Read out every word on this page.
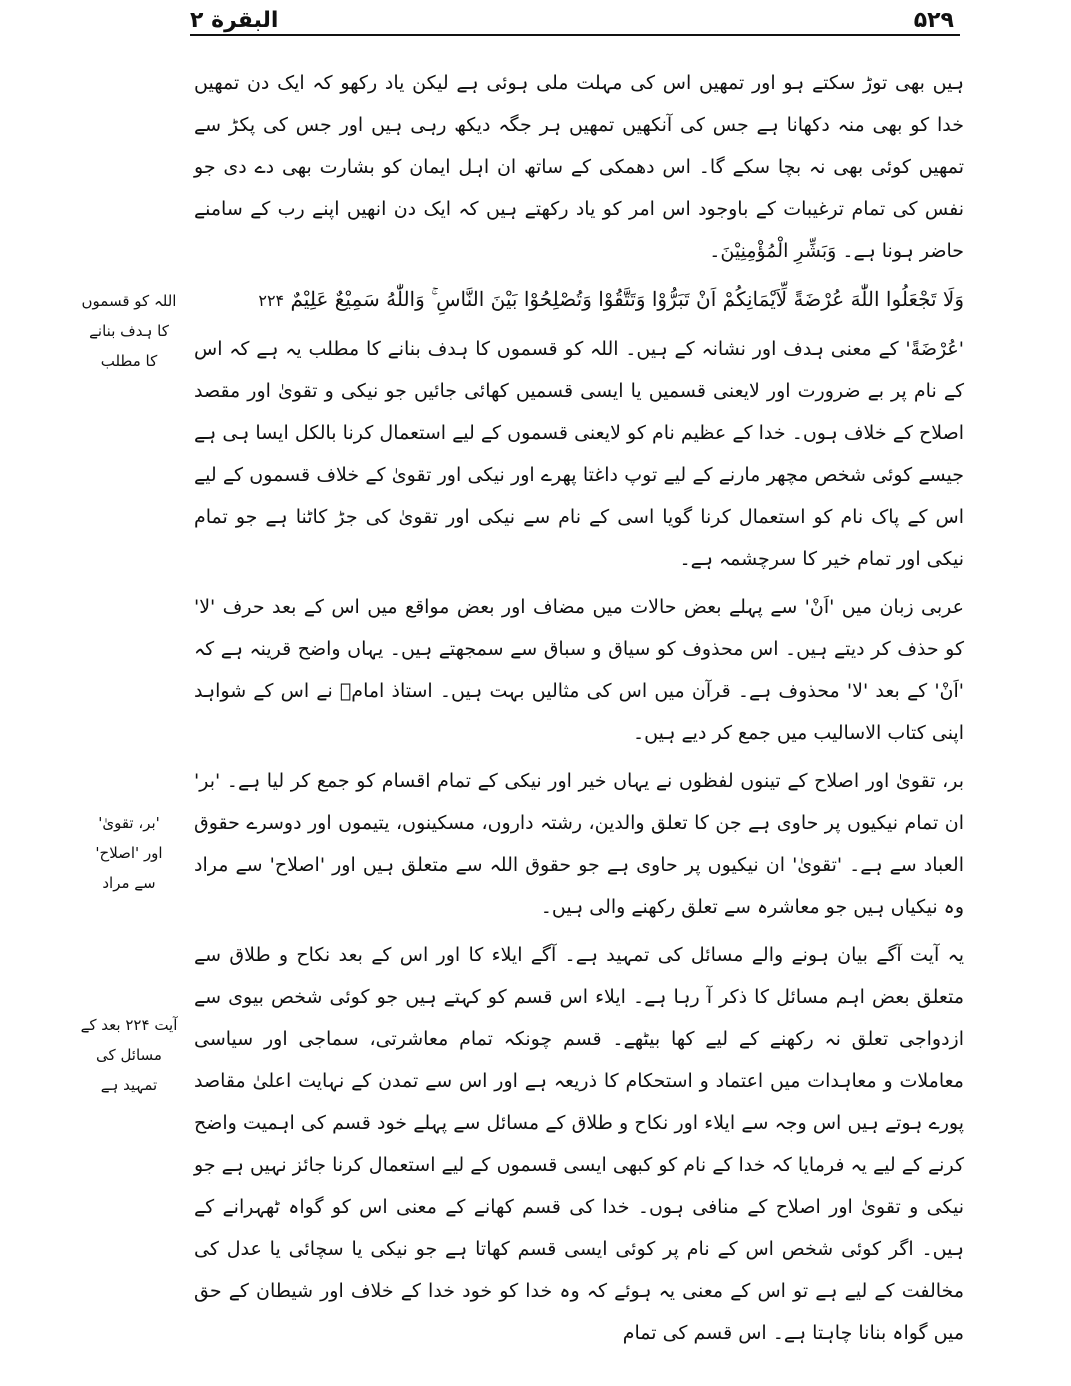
۵۲۹
البقرة ۲

ہیں بھی توڑ سکتے ہو اور تمھیں اس کی مہلت ملی ہوئی ہے لیکن یاد رکھو کہ ایک دن تمھیں خدا کو بھی منہ دکھانا ہے جس کی آنکھیں تمھیں ہر جگہ دیکھ رہی ہیں اور جس کی پکڑ سے تمھیں کوئی بھی نہ بچا سکے گا۔ اس دھمکی کے ساتھ ان اہل ایمان کو بشارت بھی دے دی جو نفس کی تمام ترغیبات کے باوجود اس امر کو یاد رکھتے ہیں کہ ایک دن انھیں اپنے رب کے سامنے حاضر ہونا ہے۔ وَبَشِّرِ الْمُؤْمِنِيْنَ۔

وَلَا تَجْعَلُوا اللّٰهَ عُرْضَةً لِّاَيْمَانِكُمْ اَنْ تَبَرُّوْا وَتَتَّقُوْا وَتُصْلِحُوْا بَيْنَ النَّاسِ ۚ وَاللّٰهُ سَمِيْعٌ عَلِيْمٌ ۲۲۴

'عُرْضَةً' کے معنی ہدف اور نشانہ کے ہیں۔ اللہ کو قسموں کا ہدف بنانے کا مطلب یہ ہے کہ اس کے نام پر بے ضرورت اور لایعنی قسمیں یا ایسی قسمیں کھائی جائیں جو نیکی و تقویٰ اور مقصد اصلاح کے خلاف ہوں۔ خدا کے عظیم نام کو لایعنی قسموں کے لیے استعمال کرنا بالکل ایسا ہی ہے جیسے کوئی شخص مچھر مارنے کے لیے توپ داغتا پھرے اور نیکی اور تقویٰ کے خلاف قسموں کے لیے اس کے پاک نام کو استعمال کرنا گویا اسی کے نام سے نیکی اور تقویٰ کی جڑ کاٹنا ہے جو تمام نیکی اور تمام خیر کا سرچشمہ ہے۔

عربی زبان میں 'اَنْ' سے پہلے بعض حالات میں مضاف اور بعض مواقع میں اس کے بعد حرف 'لا' کو حذف کر دیتے ہیں۔ اس محذوف کو سیاق و سباق سے سمجھتے ہیں۔ یہاں واضح قرینہ ہے کہ 'اَنْ' کے بعد 'لا' محذوف ہے۔ قرآن میں اس کی مثالیں بہت ہیں۔ استاذ امامؒ نے اس کے شواہد اپنی کتاب الاسالیب میں جمع کر دیے ہیں۔

بر، تقویٰ اور اصلاح کے تینوں لفظوں نے یہاں خیر اور نیکی کے تمام اقسام کو جمع کر لیا ہے۔ 'بر' ان تمام نیکیوں پر حاوی ہے جن کا تعلق والدین، رشتہ داروں، مسکینوں، یتیموں اور دوسرے حقوق العباد سے ہے۔ 'تقویٰ' ان نیکیوں پر حاوی ہے جو حقوق اللہ سے متعلق ہیں اور 'اصلاح' سے مراد وہ نیکیاں ہیں جو معاشرہ سے تعلق رکھنے والی ہیں۔

یہ آیت آگے بیان ہونے والے مسائل کی تمہید ہے۔ آگے ایلاء کا اور اس کے بعد نکاح و طلاق سے متعلق بعض اہم مسائل کا ذکر آ رہا ہے۔ ایلاء اس قسم کو کہتے ہیں جو کوئی شخص بیوی سے ازدواجی تعلق نہ رکھنے کے لیے کھا بیٹھے۔ قسم چونکہ تمام معاشرتی، سماجی اور سیاسی معاملات و معاہدات میں اعتماد و استحکام کا ذریعہ ہے اور اس سے تمدن کے نہایت اعلیٰ مقاصد پورے ہوتے ہیں اس وجہ سے ایلاء اور نکاح و طلاق کے مسائل سے پہلے خود قسم کی اہمیت واضح کرنے کے لیے یہ فرمایا کہ خدا کے نام کو کبھی ایسی قسموں کے لیے استعمال کرنا جائز نہیں ہے جو نیکی و تقویٰ اور اصلاح کے منافی ہوں۔ خدا کی قسم کھانے کے معنی اس کو گواہ ٹھہرانے کے ہیں۔ اگر کوئی شخص اس کے نام پر کوئی ایسی قسم کھاتا ہے جو نیکی یا سچائی یا عدل کی مخالفت کے لیے ہے تو اس کے معنی یہ ہوئے کہ وہ خدا کو خود خدا کے خلاف اور شیطان کے حق میں گواہ بنانا چاہتا ہے۔ اس قسم کی تمام

اللہ کو قسموں
کا ہدف بنانے
کا مطلب
'بر، تقویٰ'
اور 'اصلاح'
سے مراد
آیت ۲۲۴ بعد کے
مسائل کی
تمہید ہے
